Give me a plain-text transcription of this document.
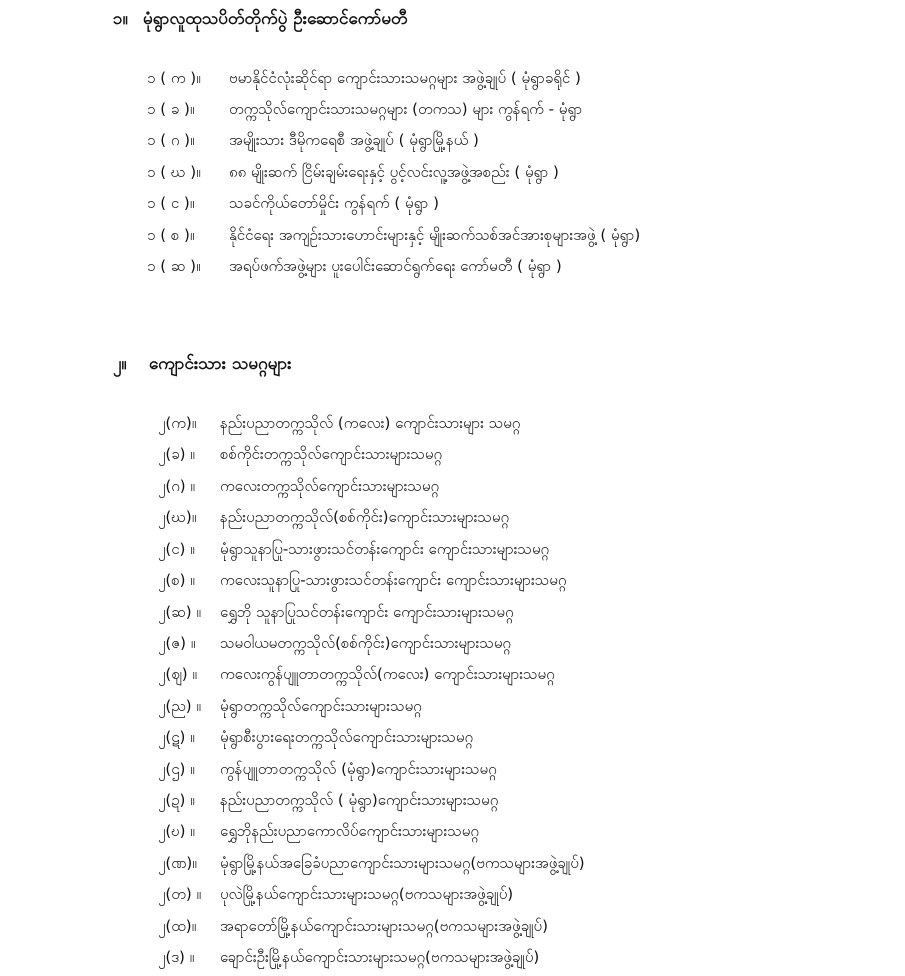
၁။ မုံရွာလူထုသပိတ်တိုက်ပွဲ ဦးဆောင်ကော်မတီ
၁ ( က )။ ဗမာနိုင်ငံလုံးဆိုင်ရာ ကျောင်းသားသမဂ္ဂများ အဖွဲ့ချုပ် ( မုံရွာခရိုင် )
၁ ( ခ )။ တက္ကသိုလ်ကျောင်းသားသမဂ္ဂများ (တကသ) များ ကွန်ရက် - မုံရွာ
၁ ( ဂ )။ အမျိုးသား ဒီမိုကရေစီ အဖွဲ့ချုပ် ( မုံရွာမြို့နယ် )
၁ ( ဃ )။၈၈ မျိုးဆက် ငြိမ်းချမ်းရေးနှင့် ပွင့်လင်းလူ့အဖွဲ့အစည်း ( မုံရွာ )
၁ ( င )။ သခင်ကိုယ်တော်မှိုင်း ကွန်ရက် ( မုံရွာ )
၁ ( စ )။ နိုင်ငံရေး အကျဉ်းသားဟောင်းများနှင့် မျိုးဆက်သစ်အင်အားစုများအဖွဲ့ ( မုံရွာ)
၁ ( ဆ )။ အရပ်ဖက်အဖွဲ့များ ပူးပေါင်းဆောင်ရွက်ရေး ကော်မတီ ( မုံရွာ )
၂။ ကျောင်းသား သမဂ္ဂများ
၂(က)။ နည်းပညာတက္ကသိုလ် (ကလေး) ကျောင်းသားများ သမဂ္ဂ
၂(ခ) ။ စစ်ကိုင်းတက္ကသိုလ်ကျောင်းသားများသမဂ္ဂ
၂(ဂ) ။ ကလေးတက္ကသိုလ်ကျောင်းသားများသမဂ္ဂ
၂(ဃ)။ နည်းပညာတက္ကသိုလ်(စစ်ကိုင်း)ကျောင်းသားများသမဂ္ဂ
၂(င) ။ မုံရွာသူနာပြု-သားဖွားသင်တန်းကျောင်း ကျောင်းသားများသမဂ္ဂ
၂(စ) ။ ကလေးသူနာပြု-သားဖွားသင်တန်းကျောင်း ကျောင်းသားများသမဂ္ဂ
၂(ဆ) ။ ရွှေဘို သူနာပြုသင်တန်းကျောင်း ကျောင်းသားများသမဂ္ဂ
၂(ဇ) ။ သမဝါယမတက္ကသိုလ်(စစ်ကိုင်း)ကျောင်းသားများသမဂ္ဂ
၂(ဈ) ။ ကလေးကွန်ပျူတာတက္ကသိုလ်(ကလေး) ကျောင်းသားများသမဂ္ဂ
၂(ည) ။ မုံရွာတက္ကသိုလ်ကျောင်းသားများသမဂ္ဂ
၂(ဋ) ။ မုံရွာစီးပွားရေးတက္ကသိုလ်ကျောင်းသားများသမဂ္ဂ
၂(ဌ) ။ ကွန်ပျူတာတက္ကသိုလ် (မုံရွာ)ကျောင်းသားများသမဂ္ဂ
၂(ဍ) ။ နည်းပညာတက္ကသိုလ် ( မုံရွာ)ကျောင်းသားများသမဂ္ဂ
၂(ဎ) ။ ရွှေဘိုနည်းပညာကောလိပ်ကျောင်းသားများသမဂ္ဂ
၂(ဏ)။ မုံရွာမြို့နယ်အခြေခံပညာကျောင်းသားများသမဂ္ဂ(ဗကသများအဖွဲ့ချုပ်)
၂(တ) ။ ပုလဲမြို့နယ်ကျောင်းသားများသမဂ္ဂ(ဗကသများအဖွဲ့ချုပ်)
၂(ထ)။ အရာတော်မြို့နယ်ကျောင်းသားများသမဂ္ဂ(ဗကသများအဖွဲ့ချုပ်)
၂(ဒ) ။ ချောင်းဦးမြို့နယ်ကျောင်းသားများသမဂ္ဂ(ဗကသများအဖွဲ့ချုပ်)
